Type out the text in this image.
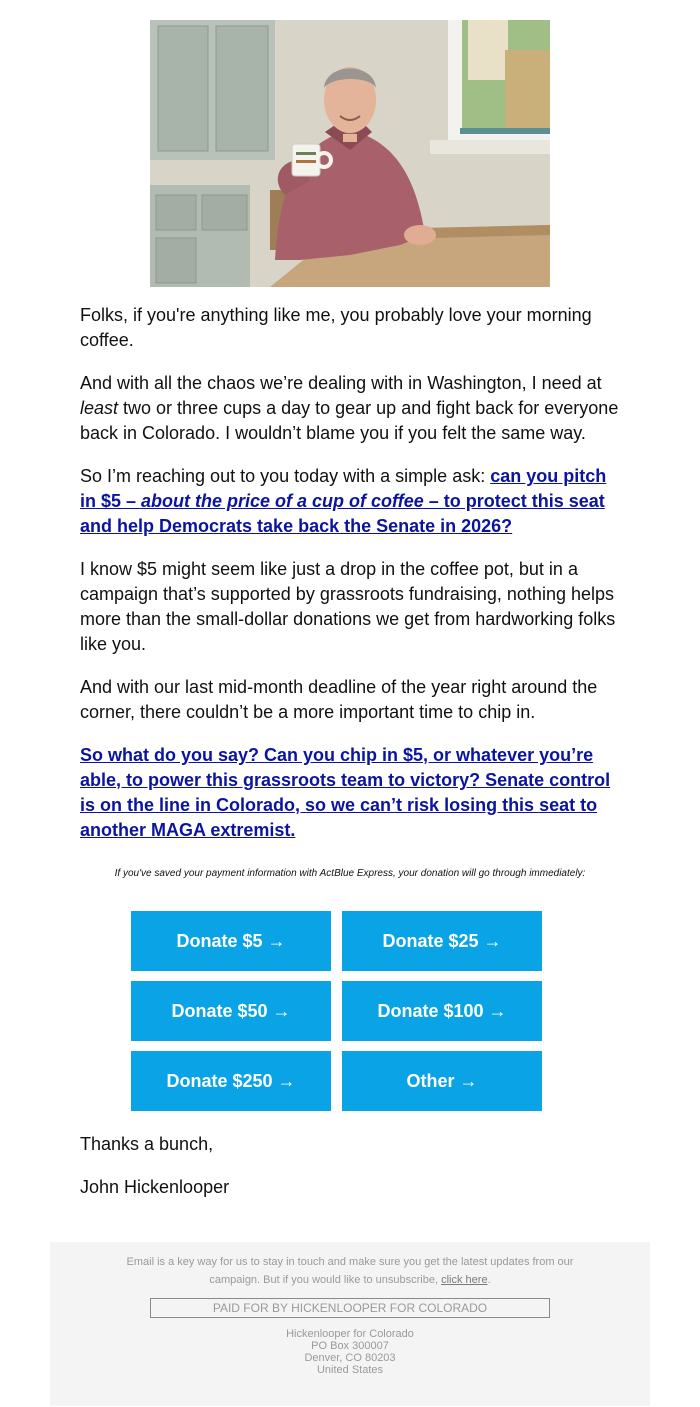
Folks, if you're anything like me, you probably love your morning coffee.

And with all the chaos we’re dealing with in Washington, I need at least two or three cups a day to gear up and fight back for everyone back in Colorado. I wouldn’t blame you if you felt the same way.

So I’m reaching out to you today with a simple ask: can you pitch in $5 – about the price of a cup of coffee – to protect this seat and help Democrats take back the Senate in 2026?

I know $5 might seem like just a drop in the coffee pot, but in a campaign that’s supported by grassroots fundraising, nothing helps more than the small-dollar donations we get from hardworking folks like you.

And with our last mid-month deadline of the year right around the corner, there couldn’t be a more important time to chip in.

So what do you say? Can you chip in $5, or whatever you’re able, to power this grassroots team to victory? Senate control is on the line in Colorado, so we can’t risk losing this seat to another MAGA extremist.

If you've saved your payment information with ActBlue Express, your donation will go through immediately:
Donate $5 →	Donate $25 →
Donate $50 →	Donate $100 →
Donate $250 →	Other →
Thanks a bunch,
John Hickenlooper
Email is a key way for us to stay in touch and make sure you get the latest updates from our campaign. But if you would like to unsubscribe, click here.
PAID FOR BY HICKENLOOPER FOR COLORADO
Hickenlooper for Colorado
PO Box 300007
Denver, CO 80203
United States
